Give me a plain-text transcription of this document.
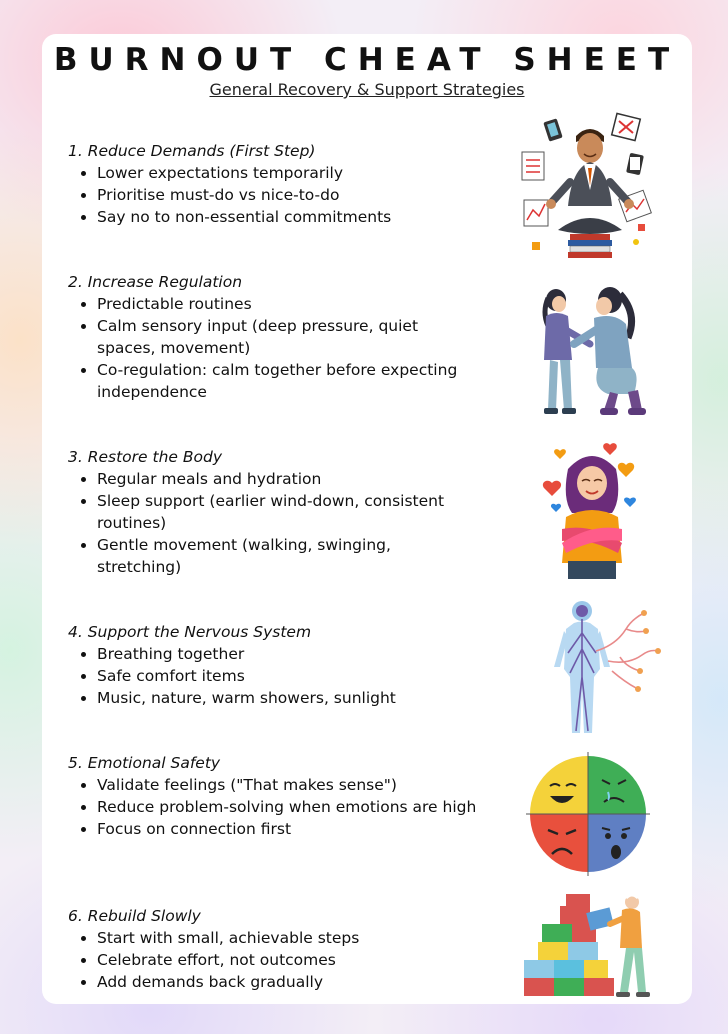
BURNOUT CHEAT SHEET

General Recovery & Support Strategies

1. Reduce Demands (First Step)
• Lower expectations temporarily
• Prioritise must-do vs nice-to-do
• Say no to non-essential commitments
2. Increase Regulation
• Predictable routines
• Calm sensory input (deep pressure, quiet spaces, movement)
• Co-regulation: calm together before expecting independence
3. Restore the Body
• Regular meals and hydration
• Sleep support (earlier wind-down, consistent routines)
• Gentle movement (walking, swinging, stretching)
4. Support the Nervous System
• Breathing together
• Safe comfort items
• Music, nature, warm showers, sunlight
5. Emotional Safety
• Validate feelings ("That makes sense")
• Reduce problem-solving when emotions are high
• Focus on connection first
6. Rebuild Slowly
• Start with small, achievable steps
• Celebrate effort, not outcomes
• Add demands back gradually
